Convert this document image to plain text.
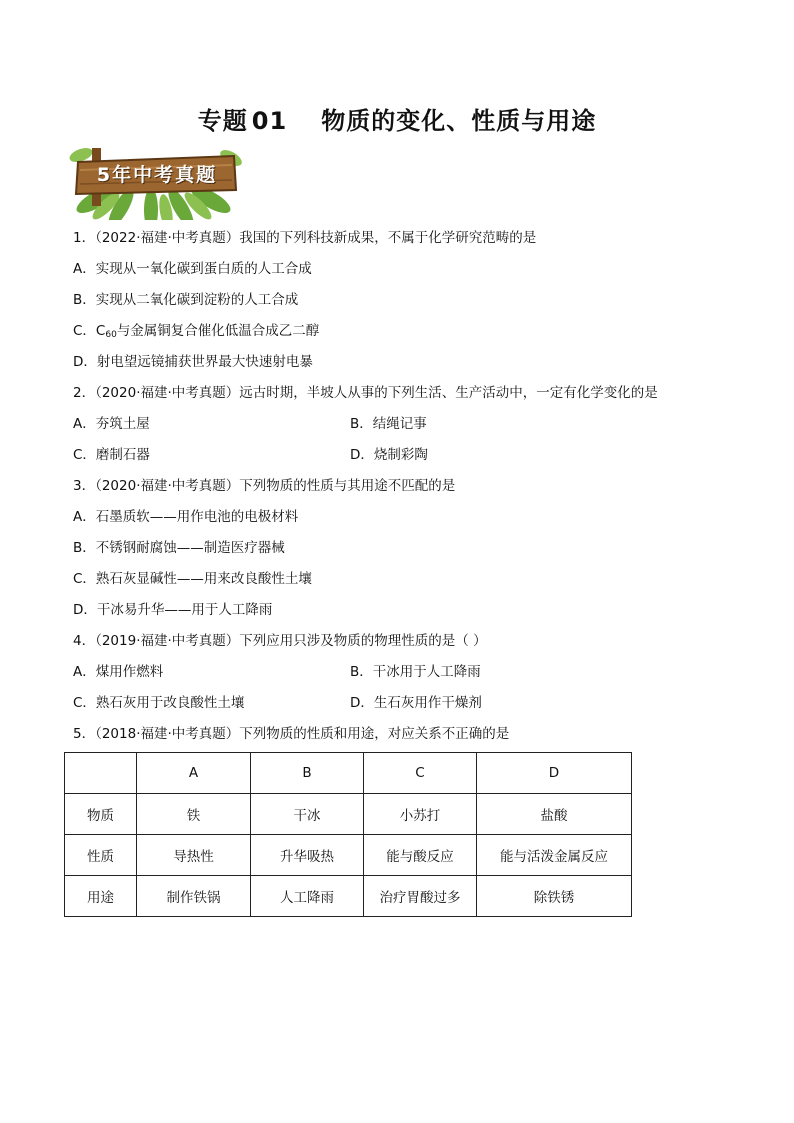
专题 01 物质的变化、性质与用途
5年中考真题
1．（2022·福建·中考真题）我国的下列科技新成果，不属于化学研究范畴的是
A．实现从一氧化碳到蛋白质的人工合成
B．实现从二氧化碳到淀粉的人工合成
C．$C_{60}$与金属铜复合催化低温合成乙二醇
D．射电望远镜捕获世界最大快速射电暴
2．（2020·福建·中考真题）远古时期，半坡人从事的下列生活、生产活动中，一定有化学变化的是
A．夯筑土屋	B．结绳记事
C．磨制石器	D．烧制彩陶
3．（2020·福建·中考真题）下列物质的性质与其用途不匹配的是
A．石墨质软——用作电池的电极材料
B．不锈钢耐腐蚀——制造医疗器械
C．熟石灰显碱性——用来改良酸性土壤
D．干冰易升华——用于人工降雨
4．（2019·福建·中考真题）下列应用只涉及物质的物理性质的是（ ）
A．煤用作燃料	B．干冰用于人工降雨
C．熟石灰用于改良酸性土壤	D．生石灰用作干燥剂
5．（2018·福建·中考真题）下列物质的性质和用途，对应关系不正确的是
	A	B	C	D
物质	铁	干冰	小苏打	盐酸
性质	导热性	升华吸热	能与酸反应	能与活泼金属反应
用途	制作铁锅	人工降雨	治疗胃酸过多	除铁锈
